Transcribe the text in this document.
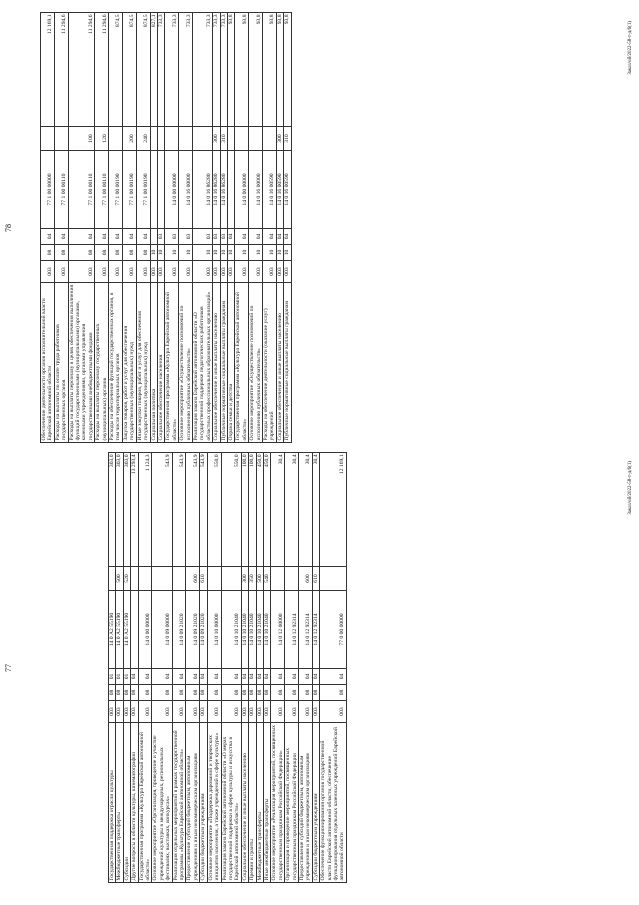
77
Государственная поддержка отрасли культуры	003	08	01	14 0 А2 55190		303,0
Межбюджетные трансферты	003	08	01	14 0 А2 55190	500	303,0
Субсидии	003	08	01	14 0 А2 55190	520	303,0
Другие вопросы в области культуры, кинематографии	003	08	04			13 293,4
Государственная программа «Культура Еврейской автономной области»	003	08	04	14 0 00 00000		1 124,3
Основное мероприятие «Организация, проведение и участие учреждений культуры в международных, региональных фестивалях, выставках, конкурсах»	003	08	04	14 0 09 00000		543,9
Реализация отдельных мероприятий в рамках государственной программы «Культура Еврейской автономной области»	003	08	04	14 0 09 21020		543,9
Предоставление субсидий бюджетным, автономным учреждениям и иным некоммерческим организациям	003	08	04	14 0 09 21020	600	543,9
Субсидии бюджетным учреждениям	003	08	04	14 0 09 21020	610	543,9
Основное мероприятие «Поддержка дарований и творческих инициатив населения, а также учреждений в сфере культуры»	003	08	04	14 0 10 00000		550,0
Реализация закона Еврейской автономной области «О мерах государственной поддержки в сфере культуры и искусства в Еврейской автономной области»	003	08	04	14 0 10 21040		550,0
Социальное обеспечение и иные выплаты населению	003	08	04	14 0 10 21040	300	100,0
Премии и гранты	003	08	04	14 0 10 21040	350	100,0
Межбюджетные трансферты	003	08	04	14 0 10 21040	500	450,0
Иные межбюджетные трансферты	003	08	04	14 0 10 21040	540	450,0
Основное мероприятие «Реализация мероприятий, посвященных государственным праздникам Российской Федерации»	003	08	04	14 0 12 00000		30,4
Организация и проведение мероприятий, посвященных государственным праздникам Российской Федерации	003	08	04	14 0 12 92314		30,4
Предоставление субсидий бюджетным, автономным учреждениям и иным некоммерческим организациям	003	08	04	14 0 12 92314	600	30,4
Субсидии бюджетным учреждениям	003	08	04	14 0 12 92314	610	30,4
Обеспечение функционирования органов государственной власти Еврейской автономной области, обеспечение функционирования отдельных казенных учреждений Еврейской автономной области	003	08	04	77 0 00 00000		12 169,1	Заказ/ой/2022-58-т-д/6(1)
78
Обеспечение деятельности органов исполнительной власти Еврейской автономной области	003	08	04	77 1 00 00000		12 169,1
Расходы на выплаты по оплате труда работников государственных органов	003	08	04	77 1 00 00110		11 294,6
Расходы на выплаты персоналу в целях обеспечения выполнения функций государственными (муниципальными) органами, казенными учреждениями, органами управления государственными внебюджетными фондами	003	08	04	77 1 00 00110	100	11 294,6
Расходы на выплаты персоналу государственных (муниципальных) органов	003	08	04	77 1 00 00110	120	11 294,6
Расходы на обеспечение функций государственных органов, в том числе территориальных органов	003	08	04	77 1 00 00190		874,5
Закупка товаров, работ и услуг для обеспечения государственных (муниципальных) нужд	003	08	04	77 1 00 00190	200	874,5
Иные закупки товаров, работ и услуг для обеспечения государственных (муниципальных) нужд	003	08	04	77 1 00 00190	240	874,5
Социальная политика	003	10				827,1
Социальное обеспечение населения	003	10	03			733,3
Государственная программа «Культура Еврейской автономной области»	003	10	03	14 0 00 00000		733,3
Основное мероприятие «Осуществление полномочий по исполнению публичных обязательств»	003	10	03	14 0 16 00000		733,3
Реализация закона Еврейской автономной области «О государственной поддержке педагогических работников областных профессиональных образовательных организаций»	003	10	03	14 0 16 86280		733,3
Социальное обеспечение и иные выплаты населению	003	10	03	14 0 16 86280	300	733,3
Публичные нормативные социальные выплаты гражданам	003	10	03	14 0 16 86280	310	733,3
Охрана семьи и детства	003	10	04			93,8
Государственная программа «Культура Еврейской автономной области»	003	10	04	14 0 00 00000		93,8
Основное мероприятие «Осуществление полномочий по исполнению публичных обязательств»	003	10	04	14 0 16 00000		93,8
Расходы на обеспечение деятельности (оказание услуг) учреждений	003	10	04	14 0 16 00590		93,8
Социальное обеспечение и иные выплаты населению	003	10	04	14 0 16 00590	300	93,8
Публичные нормативные социальные выплаты гражданам	003	10	04	14 0 16 00590	310	93,8
Заказ/ой/2022-58-т-д/6(1)
